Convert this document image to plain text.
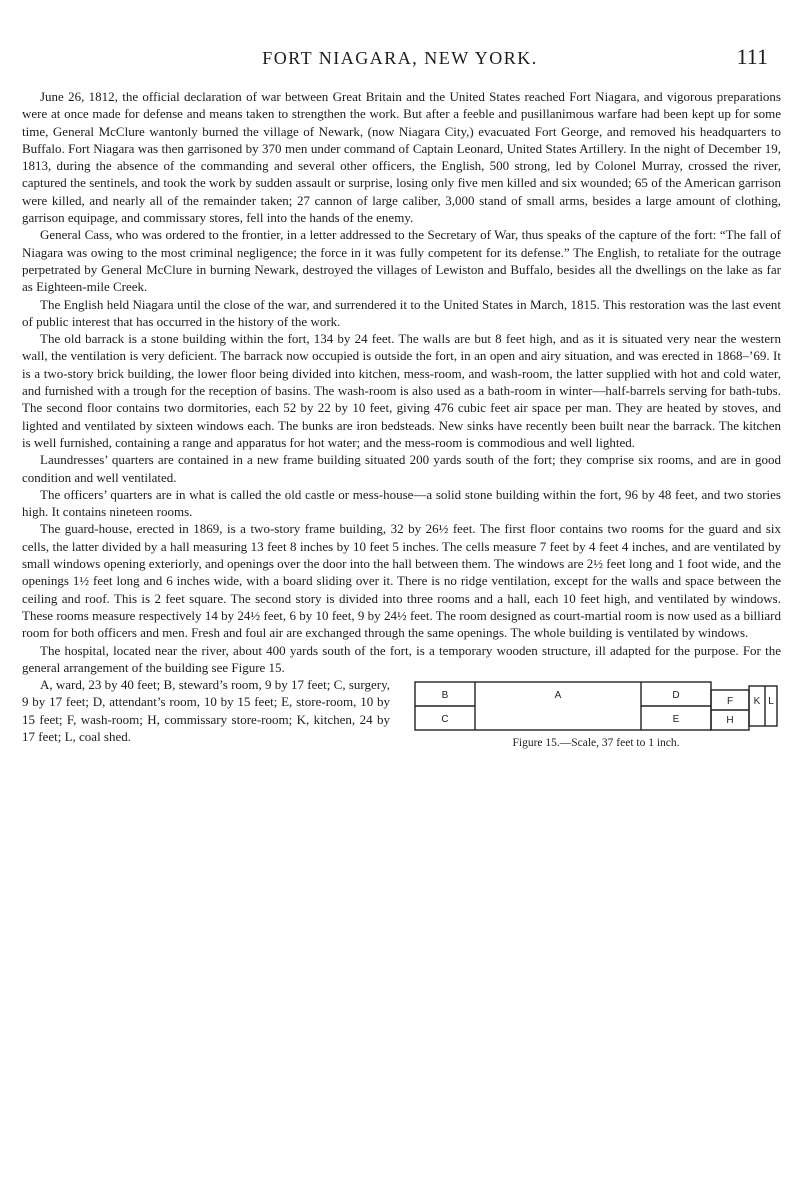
FORT NIAGARA, NEW YORK.	111

June 26, 1812, the official declaration of war between Great Britain and the United States reached Fort Niagara, and vigorous preparations were at once made for defense and means taken to strengthen the work. But after a feeble and pusillanimous warfare had been kept up for some time, General McClure wantonly burned the village of Newark, (now Niagara City,) evacuated Fort George, and removed his headquarters to Buffalo. Fort Niagara was then garrisoned by 370 men under command of Captain Leonard, United States Artillery. In the night of December 19, 1813, during the absence of the commanding and several other officers, the English, 500 strong, led by Colonel Murray, crossed the river, captured the sentinels, and took the work by sudden assault or surprise, losing only five men killed and six wounded; 65 of the American garrison were killed, and nearly all of the remainder taken; 27 cannon of large caliber, 3,000 stand of small arms, besides a large amount of clothing, garrison equipage, and commissary stores, fell into the hands of the enemy.

General Cass, who was ordered to the frontier, in a letter addressed to the Secretary of War, thus speaks of the capture of the fort: “The fall of Niagara was owing to the most criminal negligence; the force in it was fully competent for its defense.” The English, to retaliate for the outrage perpetrated by General McClure in burning Newark, destroyed the villages of Lewiston and Buffalo, besides all the dwellings on the lake as far as Eighteen-mile Creek.

The English held Niagara until the close of the war, and surrendered it to the United States in March, 1815. This restoration was the last event of public interest that has occurred in the history of the work.

The old barrack is a stone building within the fort, 134 by 24 feet. The walls are but 8 feet high, and as it is situated very near the western wall, the ventilation is very deficient. The barrack now occupied is outside the fort, in an open and airy situation, and was erected in 1868–’69. It is a two-story brick building, the lower floor being divided into kitchen, mess-room, and wash-room, the latter supplied with hot and cold water, and furnished with a trough for the reception of basins. The wash-room is also used as a bath-room in winter—half-barrels serving for bath-tubs. The second floor contains two dormitories, each 52 by 22 by 10 feet, giving 476 cubic feet air space per man. They are heated by stoves, and lighted and ventilated by sixteen windows each. The bunks are iron bedsteads. New sinks have recently been built near the barrack. The kitchen is well furnished, containing a range and apparatus for hot water; and the mess-room is commodious and well lighted.

Laundresses’ quarters are contained in a new frame building situated 200 yards south of the fort; they comprise six rooms, and are in good condition and well ventilated.

The officers’ quarters are in what is called the old castle or mess-house—a solid stone building within the fort, 96 by 48 feet, and two stories high. It contains nineteen rooms.

The guard-house, erected in 1869, is a two-story frame building, 32 by 26½ feet. The first floor contains two rooms for the guard and six cells, the latter divided by a hall measuring 13 feet 8 inches by 10 feet 5 inches. The cells measure 7 feet by 4 feet 4 inches, and are ventilated by small windows opening exteriorly, and openings over the door into the hall between them. The windows are 2½ feet long and 1 foot wide, and the openings 1½ feet long and 6 inches wide, with a board sliding over it. There is no ridge ventilation, except for the walls and space between the ceiling and roof. This is 2 feet square. The second story is divided into three rooms and a hall, each 10 feet high, and ventilated by windows. These rooms measure respectively 14 by 24½ feet, 6 by 10 feet, 9 by 24½ feet. The room designed as court-martial room is now used as a billiard room for both officers and men. Fresh and foul air are exchanged through the same openings. The whole building is ventilated by windows.

The hospital, located near the river, about 400 yards south of the fort, is a temporary wooden structure, ill adapted for the purpose. For the general arrangement of the building see Figure 15.

B	A	D
F K L
C	E	H
Figure 15.—Scale, 37 feet to 1 inch.

A, ward, 23 by 40 feet; B, steward’s room, 9 by 17 feet; C, surgery, 9 by 17 feet; D, attendant’s room, 10 by 15 feet; E, store-room, 10 by 15 feet; F, wash-room; H, commissary store-room; K, kitchen, 24 by 17 feet; L, coal shed.
